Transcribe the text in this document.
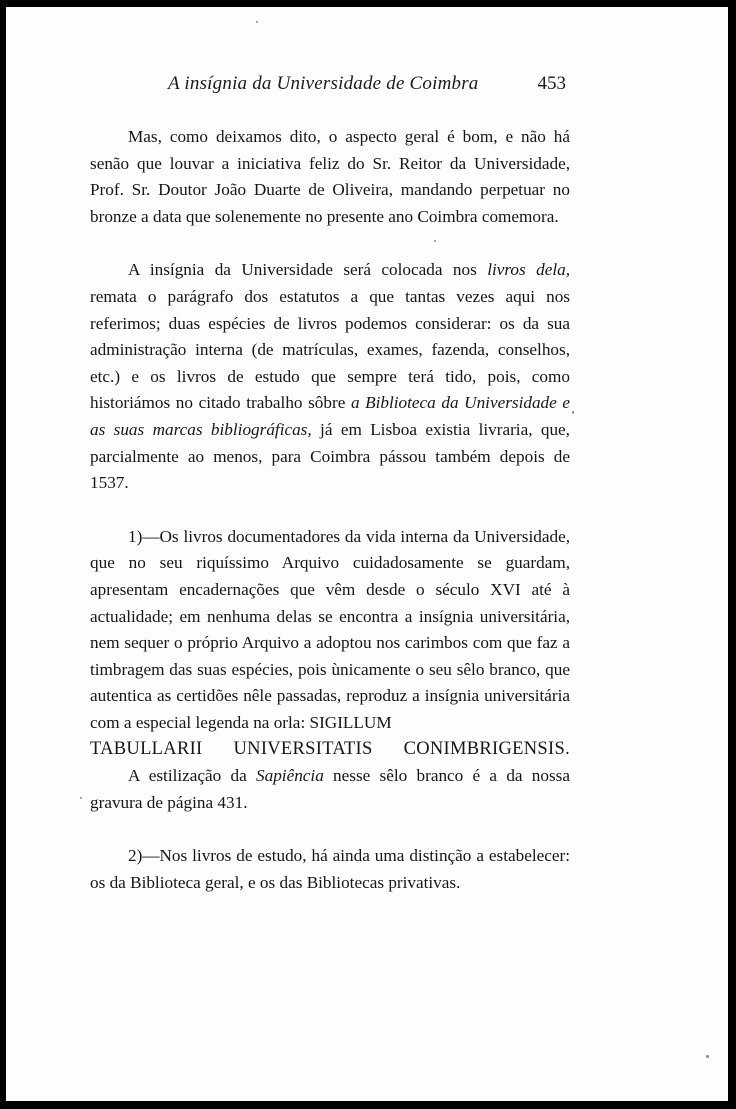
A insígnia da Universidade de Coimbra	453

Mas, como deixamos dito, o aspecto geral é bom, e não há senão que louvar a iniciativa feliz do Sr. Reitor da Universidade, Prof. Sr. Doutor João Duarte de Oliveira, mandando perpetuar no bronze a data que solenemente no presente ano Coimbra comemora.

A insígnia da Universidade será colocada nos livros dela, remata o parágrafo dos estatutos a que tantas vezes aqui nos referimos; duas espécies de livros podemos considerar: os da sua administração interna (de matrículas, exames, fazenda, conselhos, etc.) e os livros de estudo que sempre terá tido, pois, como historiámos no citado trabalho sôbre a Biblioteca da Universidade e as suas marcas bibliográficas, já em Lisboa existia livraria, que, parcialmente ao menos, para Coimbra pássou também depois de 1537.

1)—Os livros documentadores da vida interna da Universidade, que no seu riquíssimo Arquivo cuidadosamente se guardam, apresentam encadernações que vêm desde o século XVI até à actualidade; em nenhuma delas se encontra a insígnia universitária, nem sequer o próprio Arquivo a adoptou nos carimbos com que faz a timbragem das suas espécies, pois ùnicamente o seu sêlo branco, que autentica as certidões nêle passadas, reproduz a insígnia universitária com a especial legenda na orla: SIGILLUM
TABULLARII UNIVERSITATIS CONIMBRIGENSIS.

A estilização da Sapiência nesse sêlo branco é a da nossa gravura de página 431.

2)—Nos livros de estudo, há ainda uma distinção a estabelecer: os da Biblioteca geral, e os das Bibliotecas privativas.
